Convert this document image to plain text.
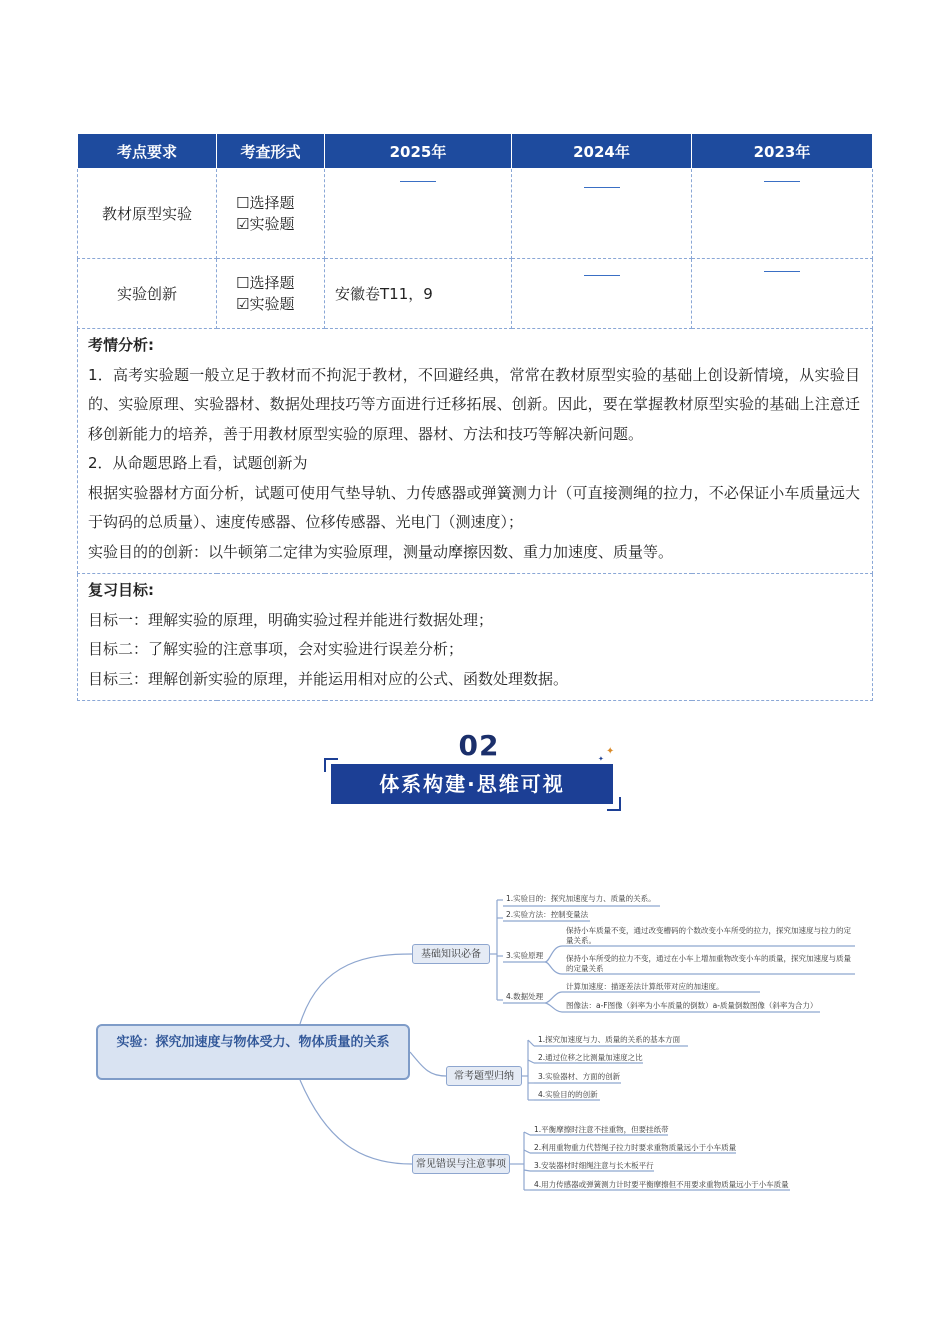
考点要求	考查形式	2025年	2024年	2023年
教材原型实验	☐选择题
☑实验题			

实验创新	☐选择题
☑实验题	安徽卷T11，9	

考情分析:

1．高考实验题一般立足于教材而不拘泥于教材，不回避经典，常常在教材原型实验的基础上创设新情境，从实验目的、实验原理、实验器材、数据处理技巧等方面进行迁移拓展、创新。因此，要在掌握教材原型实验的基础上注意迁移创新能力的培养，善于用教材原型实验的原理、器材、方法和技巧等解决新问题。

2．从命题思路上看，试题创新为

根据实验器材方面分析，试题可使用气垫导轨、力传感器或弹簧测力计（可直接测绳的拉力，不必保证小车质量远大于钩码的总质量）、速度传感器、位移传感器、光电门（测速度）；

实验目的的创新：以牛顿第二定律为实验原理，测量动摩擦因数、重力加速度、质量等。				

复习目标:

目标一：理解实验的原理，明确实验过程并能进行数据处理；

目标二：了解实验的注意事项，会对实验进行误差分析；

目标三：理解创新实验的原理，并能运用相对应的公式、函数处理数据。				

02
体系构建·思维可视
✦
✦
实验：探究加速度与物体受力、物体质量的关系
基础知识必备
常考题型归纳
常见错误与注意事项
1.实验目的：探究加速度与力、质量的关系。
2.实验方法：控制变量法
3.实验原理
保持小车质量不变，通过改变槽码的个数改变小车所受的拉力，探究加速度与拉力的定量关系。
保持小车所受的拉力不变，通过在小车上增加重物改变小车的质量，探究加速度与质量的定量关系
4.数据处理
计算加速度：描逐差法计算纸带对应的加速度。
图像法：a-F图像（斜率为小车质量的倒数）a-质量倒数图像（斜率为合力）
1.探究加速度与力、质量的关系的基本方面
2.通过位移之比测量加速度之比
3.实验器材、方面的创新
4.实验目的的创新
1.平衡摩擦时注意不挂重物，但要挂纸带
2.利用重物重力代替绳子拉力时要求重物质量远小于小车质量
3.安装器材时细绳注意与长木板平行
4.用力传感器或弹簧测力计时要平衡摩擦但不用要求重物质量远小于小车质量
